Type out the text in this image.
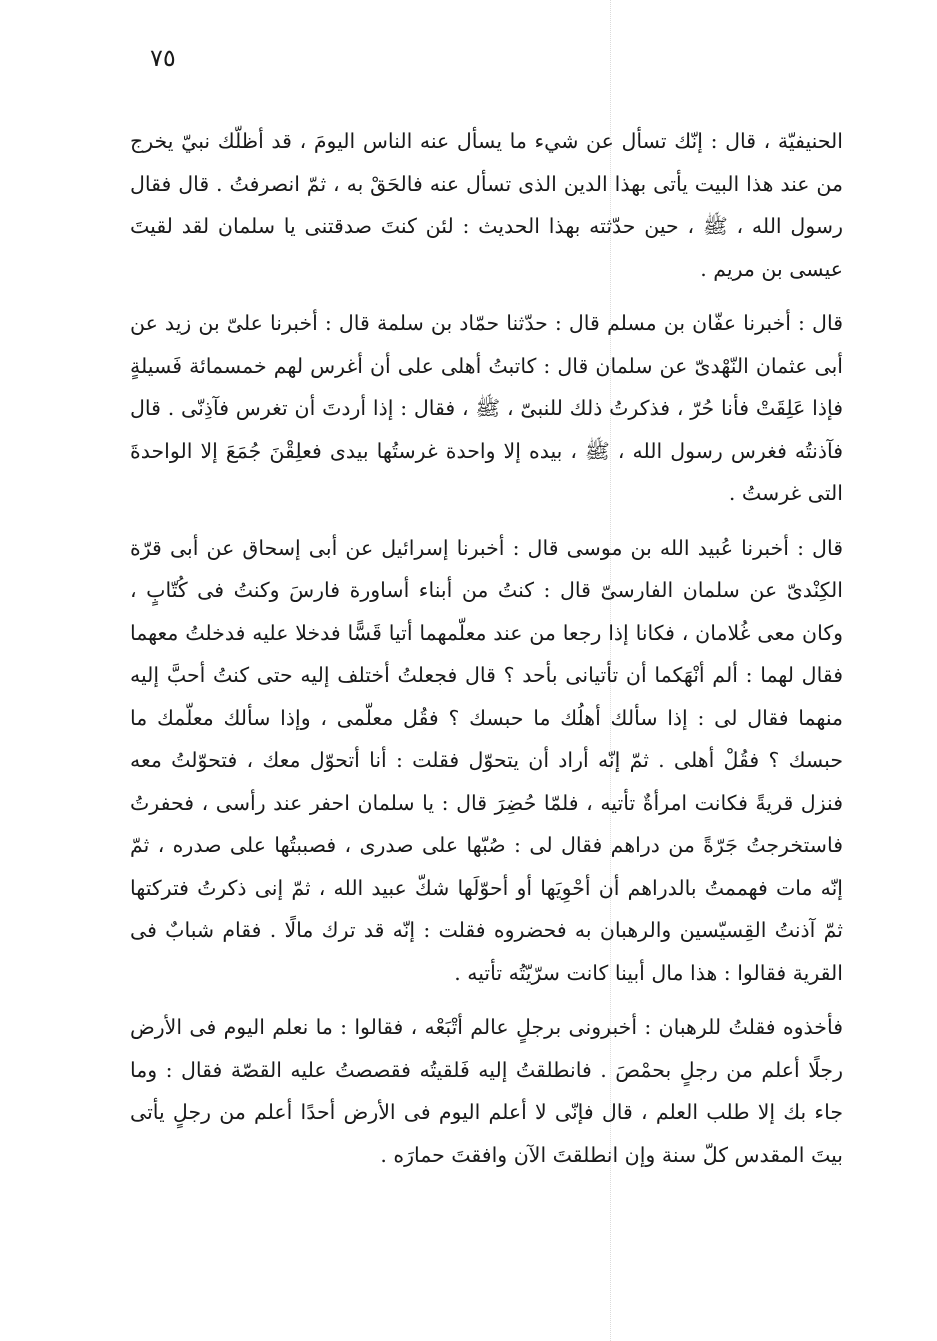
٧٥

الحنيفيّة ، قال : إنّك تسأل عن شيء ما يسأل عنه الناس اليومَ ، قد أظلّك نبيّ يخرج من عند هذا البيت يأتى بهذا الدين الذى تسأل عنه فالحَقْ به ، ثمّ انصرفتُ . قال فقال رسول الله ، ﷺ ، حين حدّثته بهذا الحديث : لئن كنتَ صدقتنى يا سلمان لقد لقيتَ عيسى بن مريم .

قال : أخبرنا عفّان بن مسلم قال : حدّثنا حمّاد بن سلمة قال : أخبرنا علىّ بن زيد عن أبى عثمان النّهْدىّ عن سلمان قال : كاتبتُ أهلى على أن أغرس لهم خمسمائة فَسيلةٍ فإذا عَلِقَتْ فأنا حُرّ ، فذكرتُ ذلك للنبىّ ، ﷺ ، فقال : إذا أردتَ أن تغرس فآذِنّى . قال فآذنتُه فغرس رسول الله ، ﷺ ، بيده إلا واحدة غرستُها بيدى فعلِقْنَ جُمَعَ إلا الواحدةَ التى غرستُ .

قال : أخبرنا عُبيد الله بن موسى قال : أخبرنا إسرائيل عن أبى إسحاق عن أبى قرّة الكِنْدىّ عن سلمان الفارسىّ قال : كنتُ من أبناء أساورة فارسَ وكنتُ فى كُتّابٍ ، وكان معى غُلامان ، فكانا إذا رجعا من عند معلّمهما أتيا قَسًّا فدخلا عليه فدخلتُ معهما فقال لهما : ألم أنْهَكما أن تأتيانى بأحد ؟ قال فجعلتُ أختلف إليه حتى كنتُ أحبَّ إليه منهما فقال لى : إذا سألك أهلُك ما حبسك ؟ فقُل معلّمى ، وإذا سألك معلّمك ما حبسك ؟ فقُلْ أهلى . ثمّ إنّه أراد أن يتحوّل فقلت : أنا أتحوّل معك ، فتحوّلتُ معه فنزل قريةً فكانت امرأةٌ تأتيه ، فلمّا حُضِرَ قال : يا سلمان احفر عند رأسى ، فحفرتُ فاستخرجتُ جَرّةً من دراهم فقال لى : صُبّها على صدرى ، فصببتُها على صدره ، ثمّ إنّه مات فهممتُ بالدراهم أن أحْوِيَها أو أحوّلَها شكّ عبيد الله ، ثمّ إنى ذكرتُ فتركتها ثمّ آذنتُ القِسيّسين والرهبان به فحضروه فقلت : إنّه قد ترك مالًا . فقام شبابٌ فى القرية فقالوا : هذا مال أبينا كانت سرّيّتُه تأتيه .

فأخذوه فقلتُ للرهبان : أخبرونى برجلٍ عالم أتْبَعْه ، فقالوا : ما نعلم اليوم فى الأرض رجلًا أعلم من رجلٍ بحمْصَ . فانطلقتُ إليه فَلقيتُه فقصصتُ عليه القصّة فقال : وما جاء بك إلا طلب العلم ، قال فإنّى لا أعلم اليوم فى الأرض أحدًا أعلم من رجلٍ يأتى بيتَ المقدس كلّ سنة وإن انطلقتَ الآن وافقتَ حمارَه .
